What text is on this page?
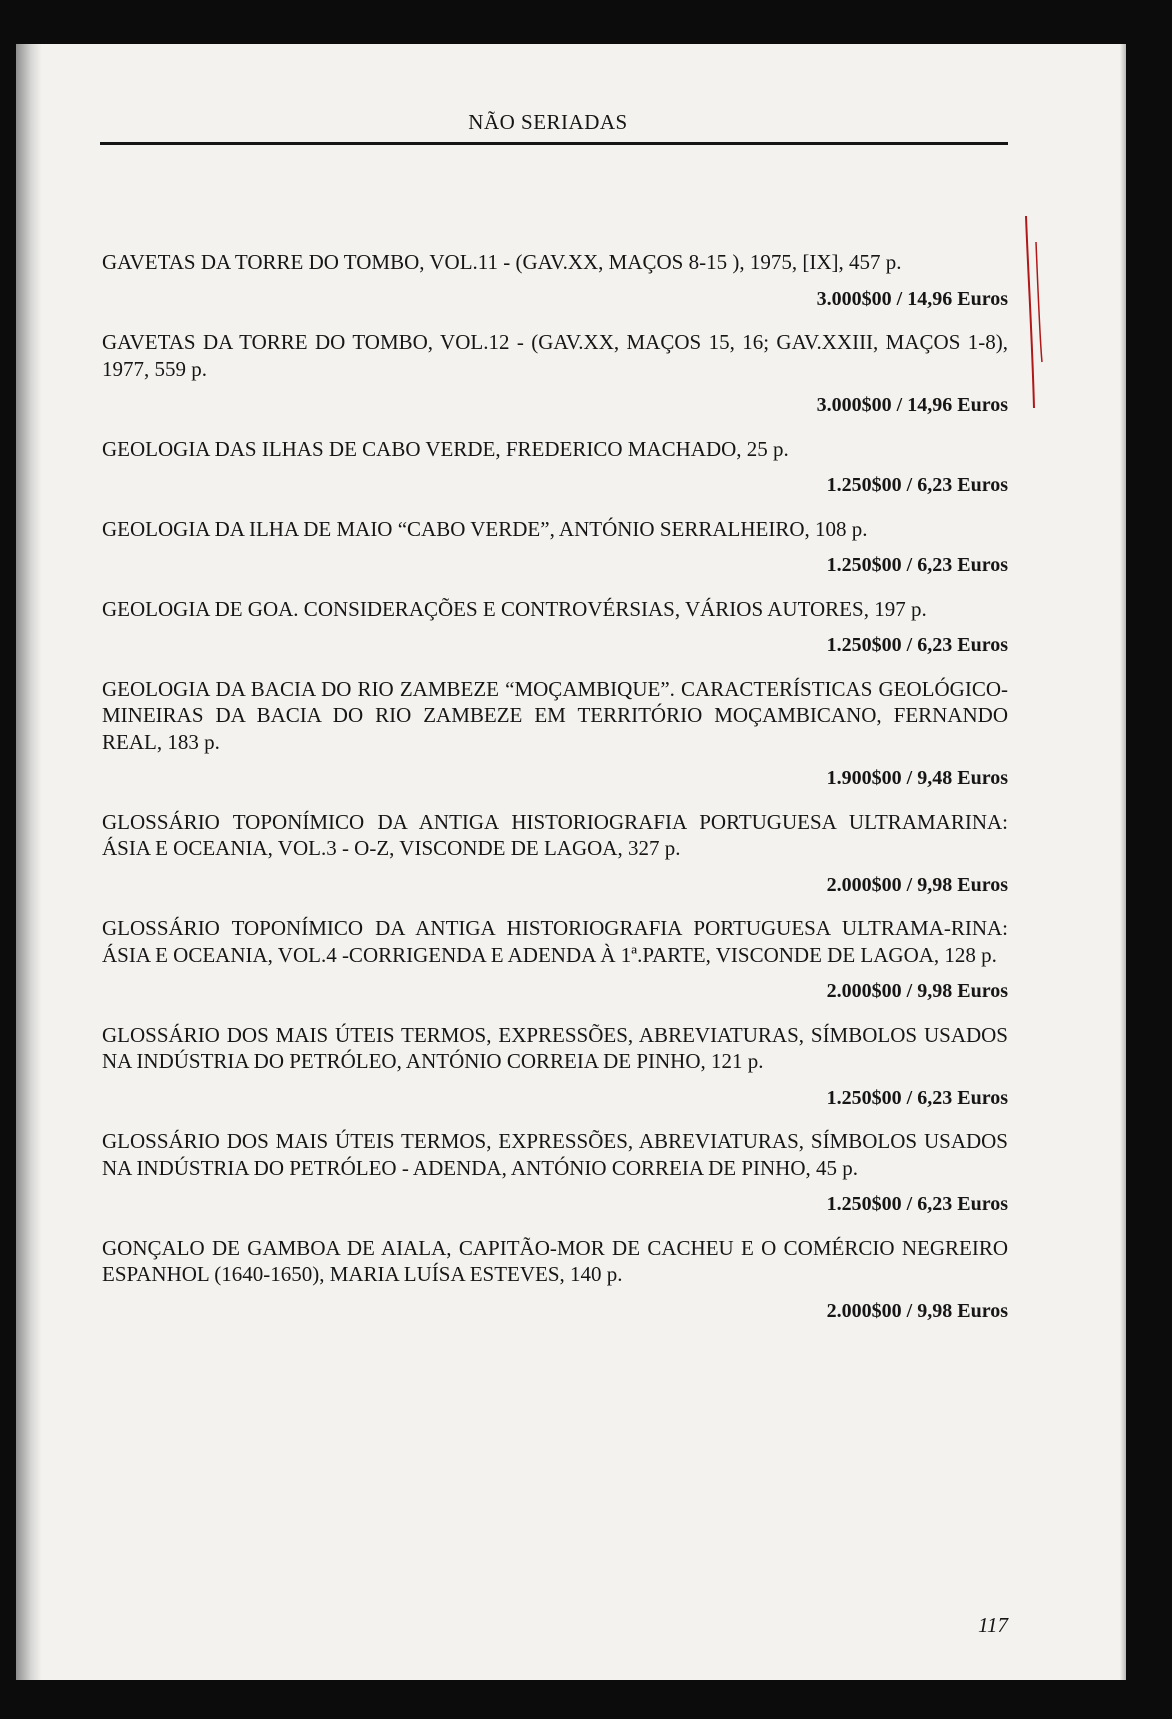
NÃO SERIADAS
GAVETAS DA TORRE DO TOMBO, VOL.11 - (GAV.XX, MAÇOS 8-15 ), 1975, [IX], 457 p.
3.000$00 / 14,96 Euros
GAVETAS DA TORRE DO TOMBO, VOL.12 - (GAV.XX, MAÇOS 15, 16; GAV.XXIII, MAÇOS 1-8), 1977, 559 p.
3.000$00 / 14,96 Euros
GEOLOGIA DAS ILHAS DE CABO VERDE, FREDERICO MACHADO, 25 p.
1.250$00 / 6,23 Euros
GEOLOGIA DA ILHA DE MAIO “CABO VERDE”, ANTÓNIO SERRALHEIRO, 108 p.
1.250$00 / 6,23 Euros
GEOLOGIA DE GOA. CONSIDERAÇÕES E CONTROVÉRSIAS, VÁRIOS AUTORES, 197 p.
1.250$00 / 6,23 Euros
GEOLOGIA DA BACIA DO RIO ZAMBEZE “MOÇAMBIQUE”. CARACTERÍSTICAS GEOLÓGICO-MINEIRAS DA BACIA DO RIO ZAMBEZE EM TERRITÓRIO MOÇAMBICANO, FERNANDO REAL, 183 p.
1.900$00 / 9,48 Euros
GLOSSÁRIO TOPONÍMICO DA ANTIGA HISTORIOGRAFIA PORTUGUESA ULTRAMARINA: ÁSIA E OCEANIA, VOL.3 - O-Z, VISCONDE DE LAGOA, 327 p.
2.000$00 / 9,98 Euros
GLOSSÁRIO TOPONÍMICO DA ANTIGA HISTORIOGRAFIA PORTUGUESA ULTRAMA-RINA: ÁSIA E OCEANIA, VOL.4 -CORRIGENDA E ADENDA À 1ª.PARTE, VISCONDE DE LAGOA, 128 p.
2.000$00 / 9,98 Euros
GLOSSÁRIO DOS MAIS ÚTEIS TERMOS, EXPRESSÕES, ABREVIATURAS, SÍMBOLOS USADOS NA INDÚSTRIA DO PETRÓLEO, ANTÓNIO CORREIA DE PINHO, 121 p.
1.250$00 / 6,23 Euros
GLOSSÁRIO DOS MAIS ÚTEIS TERMOS, EXPRESSÕES, ABREVIATURAS, SÍMBOLOS USADOS NA INDÚSTRIA DO PETRÓLEO - ADENDA, ANTÓNIO CORREIA DE PINHO, 45 p.
1.250$00 / 6,23 Euros
GONÇALO DE GAMBOA DE AIALA, CAPITÃO-MOR DE CACHEU E O COMÉRCIO NEGREIRO ESPANHOL (1640-1650), MARIA LUÍSA ESTEVES, 140 p.
2.000$00 / 9,98 Euros
117
